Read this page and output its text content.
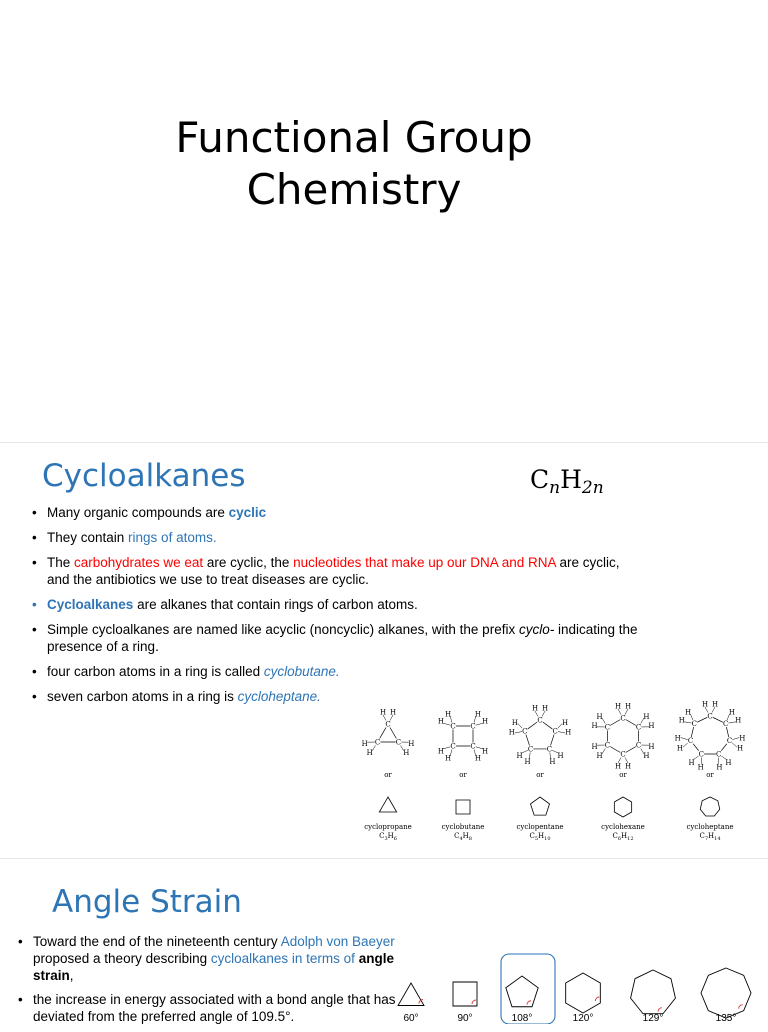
Functional Group
Chemistry
Cycloalkanes	$C_nH_{2n}$
• Many organic compounds are cyclic
• They contain rings of atoms.
• The carbohydrates we eat are cyclic, the nucleotides that make up our DNA and RNA are cyclic, and the antibiotics we use to treat diseases are cyclic.
• Cycloalkanes are alkanes that contain rings of carbon atoms.
• Simple cycloalkanes are named like acyclic (noncyclic) alkanes, with the prefix cyclo- indicating the presence of a ring.
• four carbon atoms in a ring is called cyclobutane.
• seven carbon atoms in a ring is cycloheptane.
H H
C
H
H
C
H
H C
or
cyclopropane
$C_3H_6$
H
H
C
H
H
C
H
H
C
H
H
C
or
cyclobutane
$C_4H_8$
H H
C	H
H
C
H
H
C
H
H
C
H
H
C
or
cyclopentane
$C_5H_{10}$
H H
C	H
H
C
H
H
C
H
H
C
H
H C
H
H
C
or
cyclohexane
$C_6H_{12}$
H H
C H
H
C
H
H
C
H
H
C
H
H
C
H
H C
H
H
C
or
cycloheptane
$C_7H_{14}$
Angle Strain
• Toward the end of the nineteenth century Adolph von Baeyer proposed a theory describing cycloalkanes in terms of angle strain,
• the increase in energy associated with a bond angle that has deviated from the preferred angle of 109.5°.	60°	90°	108°	120°	129°	135°
